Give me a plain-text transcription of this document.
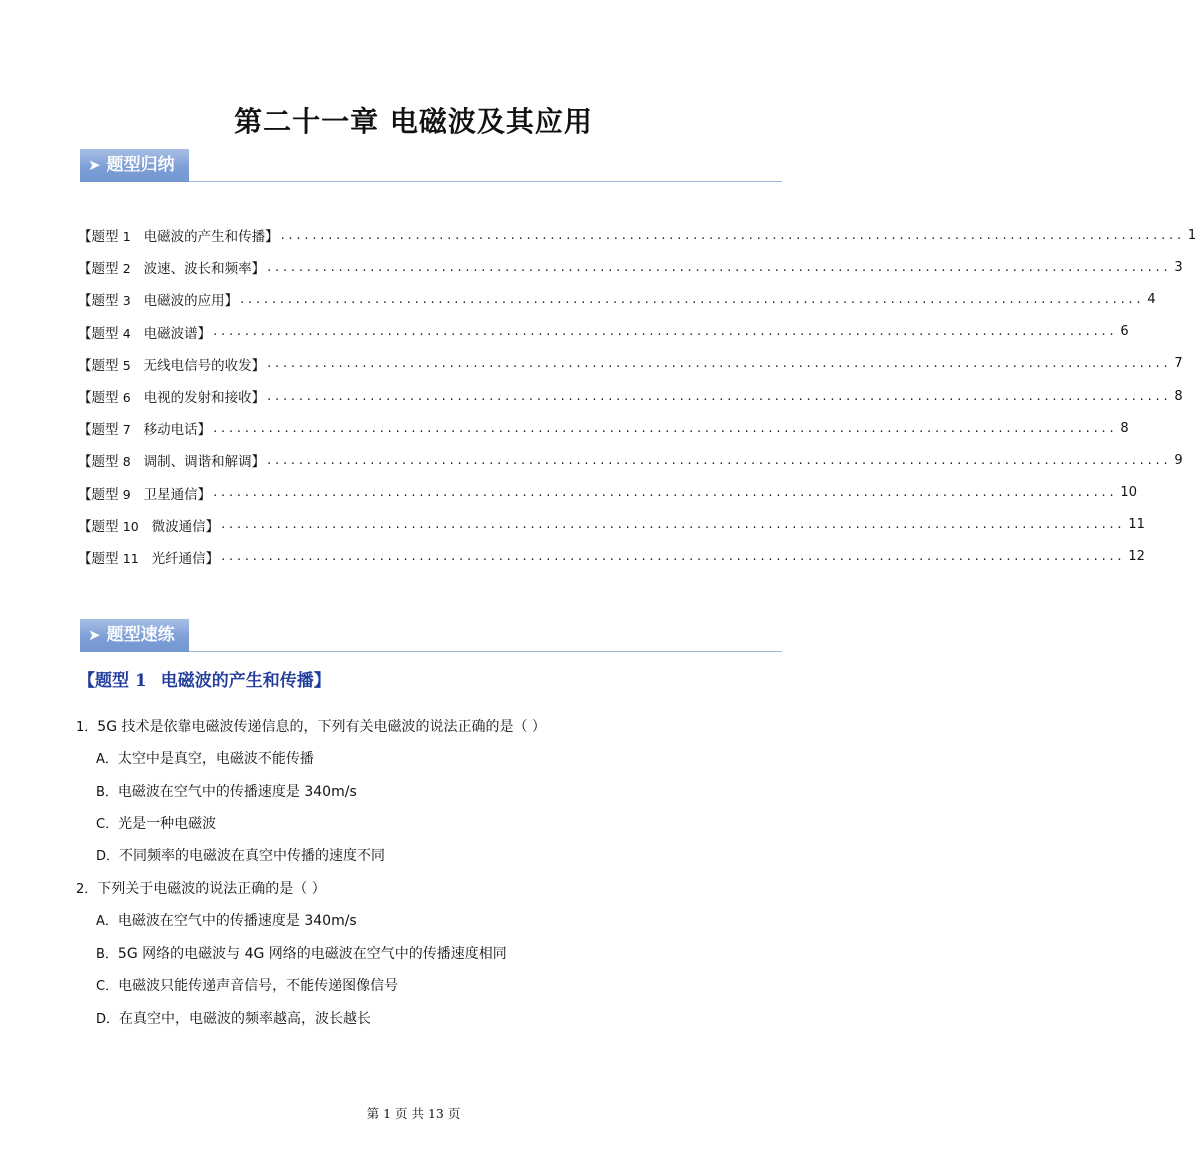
第二十一章 电磁波及其应用
➤ 题型归纳
【题型 1 电磁波的产生和传播】 .................................................................................................................. 1
【题型 2 波速、波长和频率】 .................................................................................................................. 3
【题型 3 电磁波的应用】 .................................................................................................................. 4
【题型 4 电磁波谱】 .................................................................................................................. 6
【题型 5 无线电信号的收发】 .................................................................................................................. 7
【题型 6 电视的发射和接收】 .................................................................................................................. 8
【题型 7 移动电话】 .................................................................................................................. 8
【题型 8 调制、调谐和解调】 .................................................................................................................. 9
【题型 9 卫星通信】 .................................................................................................................. 10
【题型 10 微波通信】 .................................................................................................................. 11
【题型 11 光纤通信】 .................................................................................................................. 12
➤ 题型速练
【题型 1 电磁波的产生和传播】

1．5G 技术是依靠电磁波传递信息的，下列有关电磁波的说法正确的是（ ）

A．太空中是真空，电磁波不能传播

B．电磁波在空气中的传播速度是 340m/s

C．光是一种电磁波

D．不同频率的电磁波在真空中传播的速度不同

2．下列关于电磁波的说法正确的是（ ）

A．电磁波在空气中的传播速度是 340m/s

B．5G 网络的电磁波与 4G 网络的电磁波在空气中的传播速度相同

C．电磁波只能传递声音信号，不能传递图像信号

D．在真空中，电磁波的频率越高，波长越长

第 1 页 共 13 页
